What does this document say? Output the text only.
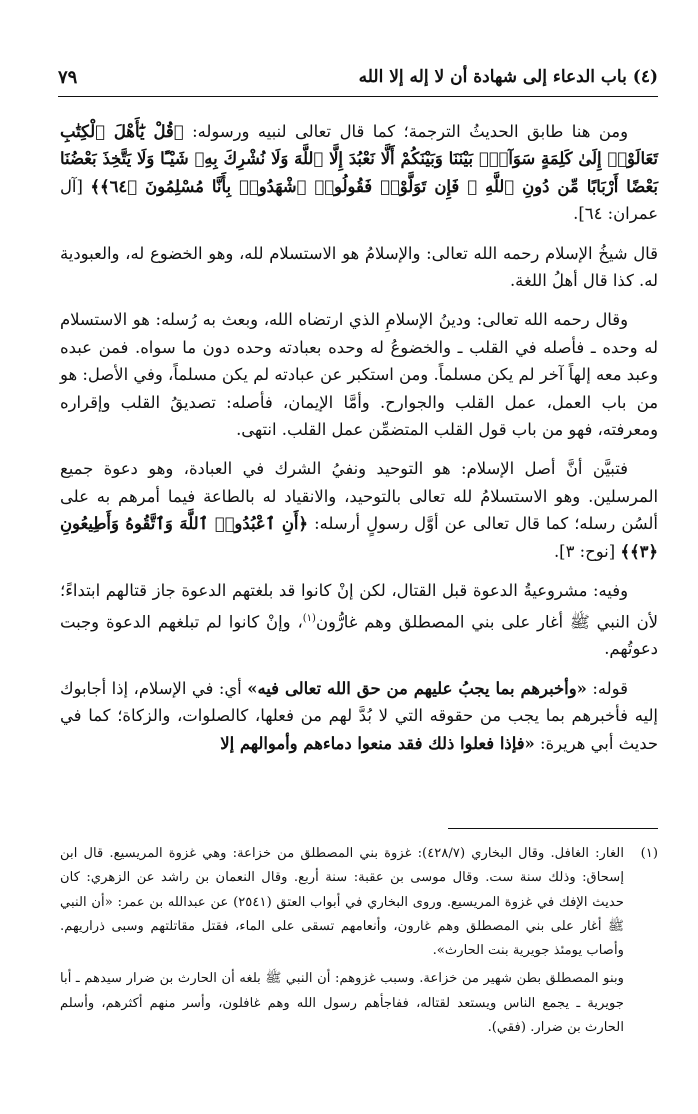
(٤) باب الدعاء إلى شهادة أن لا إله إلا الله
٧٩

ومن هنا طابق الحديثُ الترجمة؛ كما قال تعالى لنبيه ورسوله: ﴿قُلْ يَٰٓأَهْلَ ٱلْكِتَٰبِ تَعَالَوْا۟ إِلَىٰ كَلِمَةٍ سَوَآءٍۭ بَيْنَنَا وَبَيْنَكُمْ أَلَّا نَعْبُدَ إِلَّا ٱللَّهَ وَلَا نُشْرِكَ بِهِۦ شَيْـًٔا وَلَا يَتَّخِذَ بَعْضُنَا بَعْضًا أَرْبَابًا مِّن دُونِ ٱللَّهِ ۚ فَإِن تَوَلَّوْا۟ فَقُولُوا۟ ٱشْهَدُوا۟ بِأَنَّا مُسْلِمُونَ ﴿٦٤﴾﴾ [آل عمران: ٦٤].

قال شيخُ الإسلام رحمه الله تعالى: والإسلامُ هو الاستسلام لله، وهو الخضوع له، والعبودية له. كذا قال أهلُ اللغة.

وقال رحمه الله تعالى: ودينُ الإسلامِ الذي ارتضاه الله، وبعث به رُسله: هو الاستسلام له وحده ـ فأصله في القلب ـ والخضوعُ له وحده بعبادته وحده دون ما سواه. فمن عبده وعبد معه إلهاً آخر لم يكن مسلماً. ومن استكبر عن عبادته لم يكن مسلماً، وفي الأصل: هو من باب العمل، عمل القلب والجوارح. وأمَّا الإيمان، فأصله: تصديقُ القلب وإقراره ومعرفته، فهو من باب قول القلب المتضمِّن عمل القلب. انتهى.

فتبيَّن أنَّ أصل الإسلام: هو التوحيد ونفيُ الشرك في العبادة، وهو دعوة جميع المرسلين. وهو الاستسلامُ لله تعالى بالتوحيد، والانقياد له بالطاعة فيما أمرهم به على ألسُن رسله؛ كما قال تعالى عن أوَّل رسولٍ أرسله: ﴿أَنِ ٱعْبُدُوا۟ ٱللَّهَ وَٱتَّقُوهُ وَأَطِيعُونِ ﴿٣﴾﴾ [نوح: ٣].

وفيه: مشروعيةُ الدعوة قبل القتال، لكن إنْ كانوا قد بلغتهم الدعوة جاز قتالهم ابتداءً؛ لأن النبي ﷺ أغار على بني المصطلق وهم غارُّون$^{(١)}$، وإنْ كانوا لم تبلغهم الدعوة وجبت دعوتُهم.

قوله: «وأخبرهم بما يجبُ عليهم من حق الله تعالى فيه» أي: في الإسلام، إذا أجابوك إليه فأخبرهم بما يجب من حقوقه التي لا بُدَّ لهم من فعلها، كالصلوات، والزكاة؛ كما في حديث أبي هريرة: «فإذا فعلوا ذلك فقد منعوا دماءهم وأموالهم إلا

(١)

الغار: الغافل. وقال البخاري (٤٢٨/٧): غزوة بني المصطلق من خزاعة: وهي غزوة المريسيع. قال ابن إسحاق: وذلك سنة ست. وقال موسى بن عقبة: سنة أربع. وقال النعمان بن راشد عن الزهري: كان حديث الإفك في غزوة المريسيع. وروى البخاري في أبواب العتق (٢٥٤١) عن عبدالله بن عمر: «أن النبي ﷺ أغار على بني المصطلق وهم غارون، وأنعامهم تسقى على الماء، فقتل مقاتلتهم وسبى ذراريهم. وأصاب يومئذ جويرية بنت الحارث».

وبنو المصطلق بطن شهير من خزاعة. وسبب غزوهم: أن النبي ﷺ بلغه أن الحارث بن ضرار سيدهم ـ أبا جويرية ـ يجمع الناس ويستعد لقتاله، ففاجأهم رسول الله وهم غافلون، وأسر منهم أكثرهم، وأسلم الحارث بن ضرار. (فقي).
